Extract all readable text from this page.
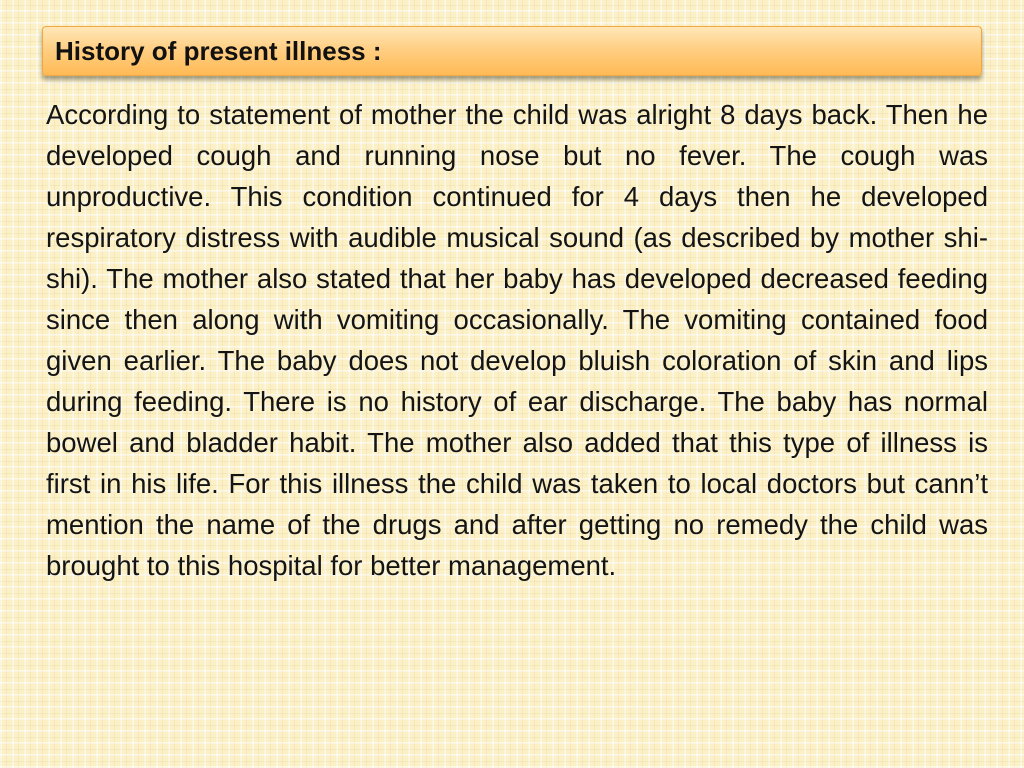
History of present illness :

According to statement of mother the child was alright 8 days back. Then he developed cough and running nose but no fever. The cough was unproductive. This condition continued for 4 days then he developed respiratory distress with audible musical sound (as described by mother shi-shi). The mother also stated that her baby has developed decreased feeding since then along with vomiting occasionally. The vomiting contained food given earlier. The baby does not develop bluish coloration of skin and lips during feeding. There is no history of ear discharge. The baby has normal bowel and bladder habit. The mother also added that this type of illness is first in his life. For this illness the child was taken to local doctors but cann’t mention the name of the drugs and after getting no remedy the child was brought to this hospital for better management.
